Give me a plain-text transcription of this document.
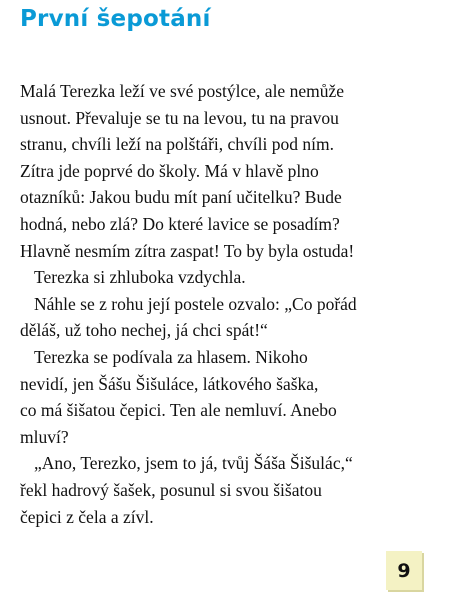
První šepotání
Malá Terezka leží ve své postýlce, ale nemůže
usnout. Převaluje se tu na levou, tu na pravou
stranu, chvíli leží na polštáři, chvíli pod ním.
Zítra jde poprvé do školy. Má v hlavě plno
otazníků: Jakou budu mít paní učitelku? Bude
hodná, nebo zlá? Do které lavice se posadím?
Hlavně nesmím zítra zaspat! To by byla ostuda!
Terezka si zhluboka vzdychla.
Náhle se z rohu její postele ozvalo: „Co pořád
děláš, už toho nechej, já chci spát!“
Terezka se podívala za hlasem. Nikoho
nevidí, jen Šášu Šišuláce, látkového šaška,
co má šišatou čepici. Ten ale nemluví. Anebo
mluví?
„Ano, Terezko, jsem to já, tvůj Šáša Šišulác,“
řekl hadrový šašek, posunul si svou šišatou
čepici z čela a zívl.
9
